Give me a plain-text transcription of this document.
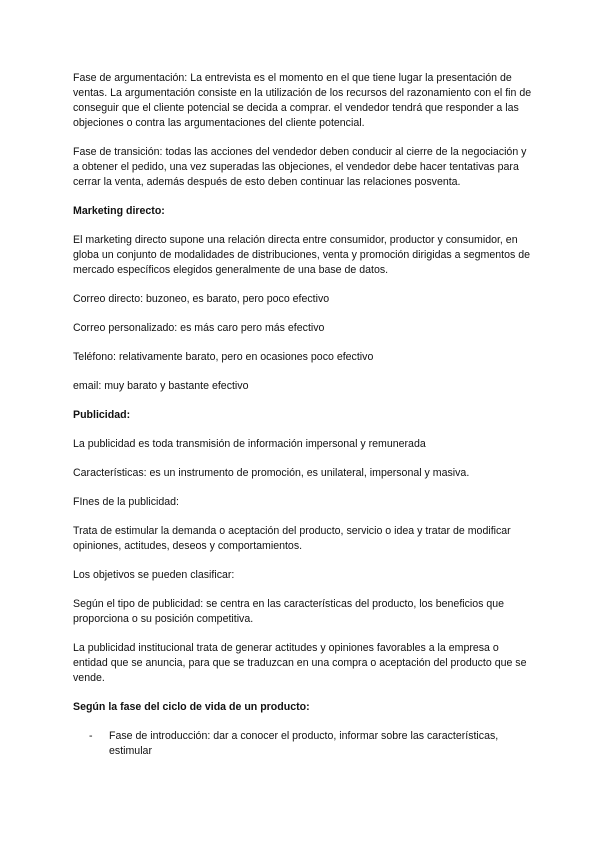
Fase de argumentación: La entrevista es el momento en el que tiene lugar la presentación de ventas. La argumentación consiste en la utilización de los recursos del razonamiento con el fin de conseguir que el cliente potencial se decida a comprar. el vendedor tendrá que responder a las objeciones o contra las argumentaciones del cliente potencial.

Fase de transición: todas las acciones del vendedor deben conducir al cierre de la negociación y a obtener el pedido, una vez superadas las objeciones, el vendedor debe hacer tentativas para cerrar la venta, además después de esto deben continuar las relaciones posventa.

Marketing directo:

El marketing directo supone una relación directa entre consumidor, productor y consumidor, en globa un conjunto de modalidades de distribuciones, venta y promoción dirigidas a segmentos de mercado específicos elegidos generalmente de una base de datos.

Correo directo: buzoneo, es barato, pero poco efectivo

Correo personalizado: es más caro pero más efectivo

Teléfono: relativamente barato, pero en ocasiones poco efectivo

email: muy barato y bastante efectivo

Publicidad:

La publicidad es toda transmisión de información impersonal y remunerada

Características: es un instrumento de promoción, es unilateral, impersonal y masiva.

FInes de la publicidad:

Trata de estimular la demanda o aceptación del producto, servicio o idea y tratar de modificar opiniones, actitudes, deseos y comportamientos.

Los objetivos se pueden clasificar:

Según el tipo de publicidad: se centra en las características del producto, los beneficios que proporciona o su posición competitiva.

La publicidad institucional trata de generar actitudes y opiniones favorables a la empresa o entidad que se anuncia, para que se traduzcan en una compra o aceptación del producto que se vende.

Según la fase del ciclo de vida de un producto:
- Fase de introducción: dar a conocer el producto, informar sobre las características, estimular
